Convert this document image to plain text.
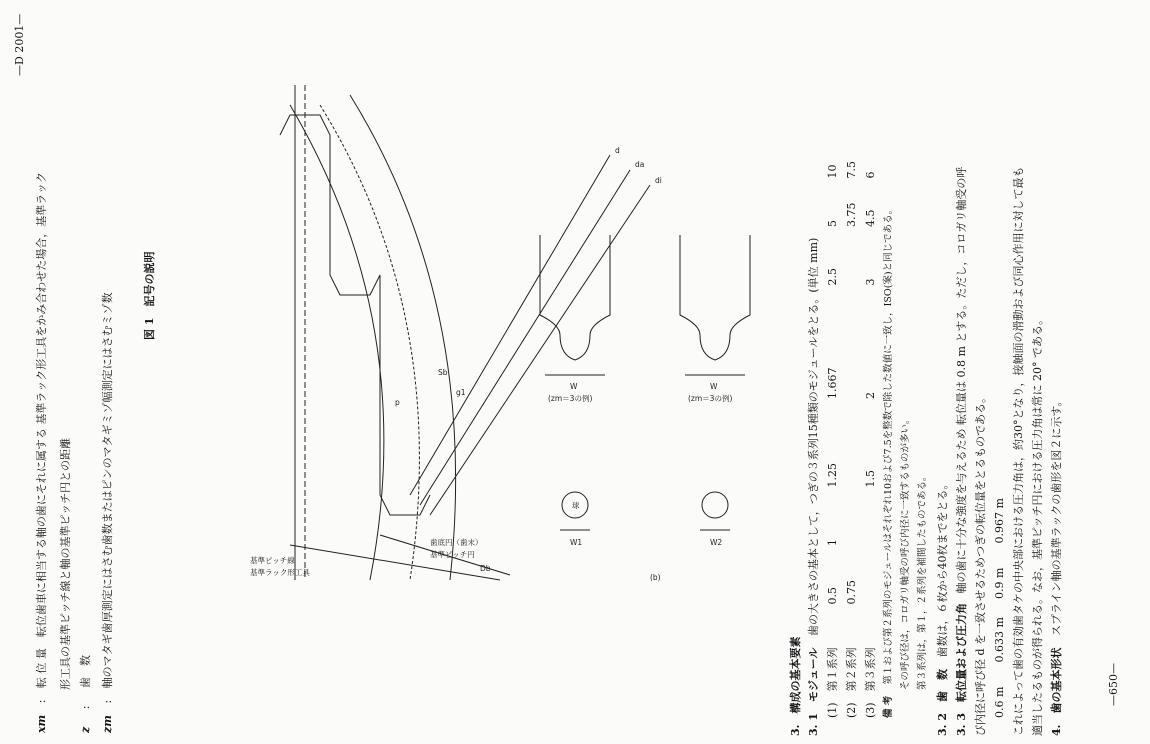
—D 2001—
xm : 転 位 量　転位歯車に相当する軸の歯にそれに属する 基準ラック形工具をかみ合わせた場合，基準ラック 形工具の基準ピッチ線と軸の基準ピッチ円との距離
z : 歯　数
zm : 軸のマタギ歯厚測定にはさむ歯数またはピンのマタギミゾ幅測定にはさむミゾ数	基準ラック形工具
基準ピッチ線
d
da
di
Db
Sb
g1
p
W
(zm＝3の例)
W
(zm＝3の例)
W1	W2
球
(b)
歯底円（歯末）
基準ピッチ円
図 1　記号の説明
3.　構成の基本要素 3. 1　モジュール 歯の大きさの基本として，つぎの３系列15種類のモジュールをとる。(単位 mm)
(1)　第１系列 0.5 1 1.25 1.667 2.5 5 10
(2)　第２系列 0.75     3.75 7.5
(3)　第３系列   1.5 2 3 4.5 6
備 考 第１および第２系列のモジュールはそれぞれ10および7.5を整数で除した数値に一致し，ISO(案)と同じである。 その呼び径は，コロガリ軸受の呼び内径に一致するものが多い。 第３系列は，第１，２系列を補間したものである。
3. 2　歯　数 歯数は，６枚から40枚までをとる。
3. 3　転位量および圧力角 軸の歯に十分な強度を与えるため 転位量は 0.8 m とする。ただし，コロガリ軸受の呼 び内径に呼び径 d を一致させるためつぎの転位量をとるものである。 0.6 m 0.633 m 0.9 m 0.967 m これによって歯の有効歯タケの中央部における圧力角は，約30°となり，接触面の滑動および同心作用に対して最も 適当したるものが得られる。なお，基準ピッチ円における圧力角は常に 20° である。 4.　歯の基本形状 スプライン軸の基準ラックの歯形を図２に示す。
—650—
